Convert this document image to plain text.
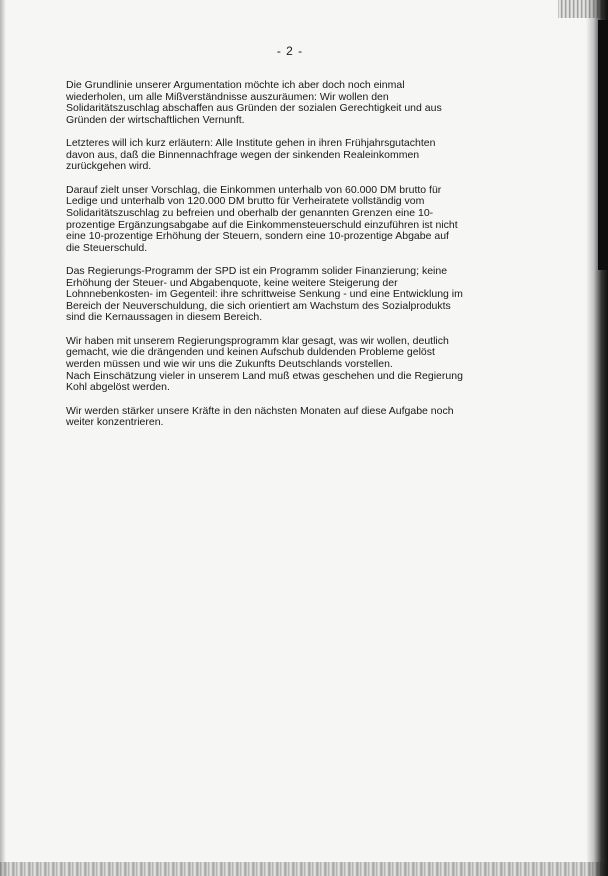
- 2 -

Die Grundlinie unserer Argumentation möchte ich aber doch noch einmal
wiederholen, um alle Mißverständnisse auszuräumen: Wir wollen den
Solidaritätszuschlag abschaffen aus Gründen der sozialen Gerechtigkeit und aus
Gründen der wirtschaftlichen Vernunft.

Letzteres will ich kurz erläutern: Alle Institute gehen in ihren Frühjahrsgutachten
davon aus, daß die Binnennachfrage wegen der sinkenden Realeinkommen
zurückgehen wird.

Darauf zielt unser Vorschlag, die Einkommen unterhalb von 60.000 DM brutto für
Ledige und unterhalb von 120.000 DM brutto für Verheiratete vollständig vom
Solidaritätszuschlag zu befreien und oberhalb der genannten Grenzen eine 10-
prozentige Ergänzungsabgabe auf die Einkommensteuerschuld einzuführen ist nicht
eine 10-prozentige Erhöhung der Steuern, sondern eine 10-prozentige Abgabe auf
die Steuerschuld.

Das Regierungs-Programm der SPD ist ein Programm solider Finanzierung; keine
Erhöhung der Steuer- und Abgabenquote, keine weitere Steigerung der
Lohnnebenkosten- im Gegenteil: ihre schrittweise Senkung - und eine Entwicklung im
Bereich der Neuverschuldung, die sich orientiert am Wachstum des Sozialprodukts
sind die Kernaussagen in diesem Bereich.

Wir haben mit unserem Regierungsprogramm klar gesagt, was wir wollen, deutlich
gemacht, wie die drängenden und keinen Aufschub duldenden Probleme gelöst
werden müssen und wie wir uns die Zukunfts Deutschlands vorstellen.
Nach Einschätzung vieler in unserem Land muß etwas geschehen und die Regierung
Kohl abgelöst werden.

Wir werden stärker unsere Kräfte in den nächsten Monaten auf diese Aufgabe noch
weiter konzentrieren.
